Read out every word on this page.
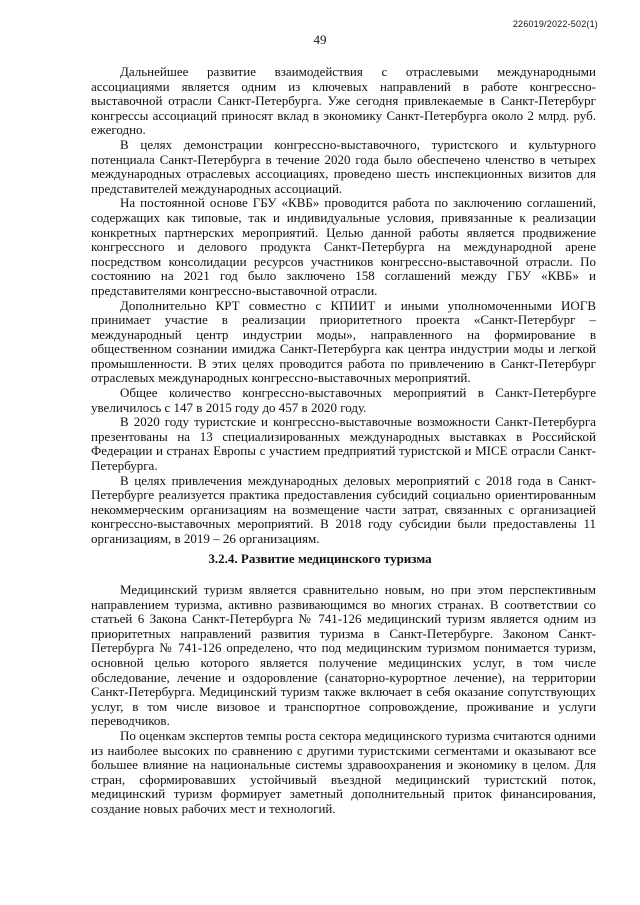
226019/2022-502(1)
49

Дальнейшее развитие взаимодействия с отраслевыми международными ассоциациями является одним из ключевых направлений в работе конгрессно-выставочной отрасли Санкт-Петербурга. Уже сегодня привлекаемые в Санкт-Петербург конгрессы ассоциаций приносят вклад в экономику Санкт-Петербурга около 2 млрд. руб. ежегодно.

В целях демонстрации конгрессно-выставочного, туристского и культурного потенциала Санкт-Петербурга в течение 2020 года было обеспечено членство в четырех международных отраслевых ассоциациях, проведено шесть инспекционных визитов для представителей международных ассоциаций.

На постоянной основе ГБУ «КВБ» проводится работа по заключению соглашений, содержащих как типовые, так и индивидуальные условия, привязанные к реализации конкретных партнерских мероприятий. Целью данной работы является продвижение конгрессного и делового продукта Санкт-Петербурга на международной арене посредством консолидации ресурсов участников конгрессно-выставочной отрасли. По состоянию на 2021 год было заключено 158 соглашений между ГБУ «КВБ» и представителями конгрессно-выставочной отрасли.

Дополнительно КРТ совместно с КПИИТ и иными уполномоченными ИОГВ принимает участие в реализации приоритетного проекта «Санкт-Петербург – международный центр индустрии моды», направленного на формирование в общественном сознании имиджа Санкт-Петербурга как центра индустрии моды и легкой промышленности. В этих целях проводится работа по привлечению в Санкт-Петербург отраслевых международных конгрессно-выставочных мероприятий.

Общее количество конгрессно-выставочных мероприятий в Санкт-Петербурге увеличилось с 147 в 2015 году до 457 в 2020 году.

В 2020 году туристские и конгрессно-выставочные возможности Санкт-Петербурга презентованы на 13 специализированных международных выставках в Российской Федерации и странах Европы с участием предприятий туристской и MICE отрасли Санкт-Петербурга.

В целях привлечения международных деловых мероприятий с 2018 года в Санкт-Петербурге реализуется практика предоставления субсидий социально ориентированным некоммерческим организациям на возмещение части затрат, связанных с организацией конгрессно-выставочных мероприятий. В 2018 году субсидии были предоставлены 11 организациям, в 2019 – 26 организациям.

3.2.4. Развитие медицинского туризма

Медицинский туризм является сравнительно новым, но при этом перспективным направлением туризма, активно развивающимся во многих странах. В соответствии со статьей 6 Закона Санкт-Петербурга № 741-126 медицинский туризм является одним из приоритетных направлений развития туризма в Санкт-Петербурге. Законом Санкт-Петербурга № 741-126 определено, что под медицинским туризмом понимается туризм, основной целью которого является получение медицинских услуг, в том числе обследование, лечение и оздоровление (санаторно-курортное лечение), на территории Санкт-Петербурга. Медицинский туризм также включает в себя оказание сопутствующих услуг, в том числе визовое и транспортное сопровождение, проживание и услуги переводчиков.

По оценкам экспертов темпы роста сектора медицинского туризма считаются одними из наиболее высоких по сравнению с другими туристскими сегментами и оказывают все большее влияние на национальные системы здравоохранения и экономику в целом. Для стран, сформировавших устойчивый въездной медицинский туристский поток, медицинский туризм формирует заметный дополнительный приток финансирования, создание новых рабочих мест и технологий.
